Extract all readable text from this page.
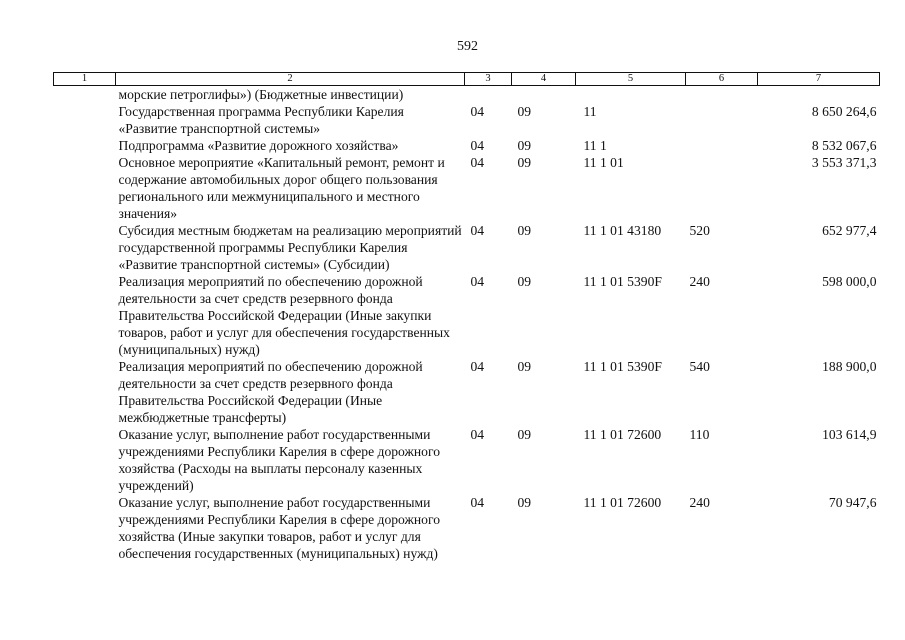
592
1	2	3	4	5	6	7
	морские петроглифы») (Бюджетные инвестиции)					
	Государственная программа Республики Карелия «Развитие транспортной системы»	04	09	11		8 650 264,6
	Подпрограмма «Развитие дорожного хозяйства»	04	09	11 1		8 532 067,6
	Основное мероприятие «Капитальный ремонт, ремонт и содержание автомобильных дорог общего пользования регионального или межмуниципального и местного значения»	04	09	11 1 01		3 553 371,3
	Субсидия местным бюджетам на реализацию мероприятий государственной программы Республики Карелия «Развитие транспортной системы» (Субсидии)	04	09	11 1 01 43180	520	652 977,4
	Реализация мероприятий по обеспечению дорожной деятельности за счет средств резервного фонда Правительства Российской Федерации (Иные закупки товаров, работ и услуг для обеспечения государственных (муниципальных) нужд)	04	09	11 1 01 5390F	240	598 000,0
	Реализация мероприятий по обеспечению дорожной деятельности за счет средств резервного фонда Правительства Российской Федерации (Иные межбюджетные трансферты)	04	09	11 1 01 5390F	540	188 900,0
	Оказание услуг, выполнение работ государственными учреждениями Республики Карелия в сфере дорожного хозяйства (Расходы на выплаты персоналу казенных учреждений)	04	09	11 1 01 72600	110	103 614,9
	Оказание услуг, выполнение работ государственными учреждениями Республики Карелия в сфере дорожного хозяйства (Иные закупки товаров, работ и услуг для обеспечения государственных (муниципальных) нужд)	04	09	11 1 01 72600	240	70 947,6
